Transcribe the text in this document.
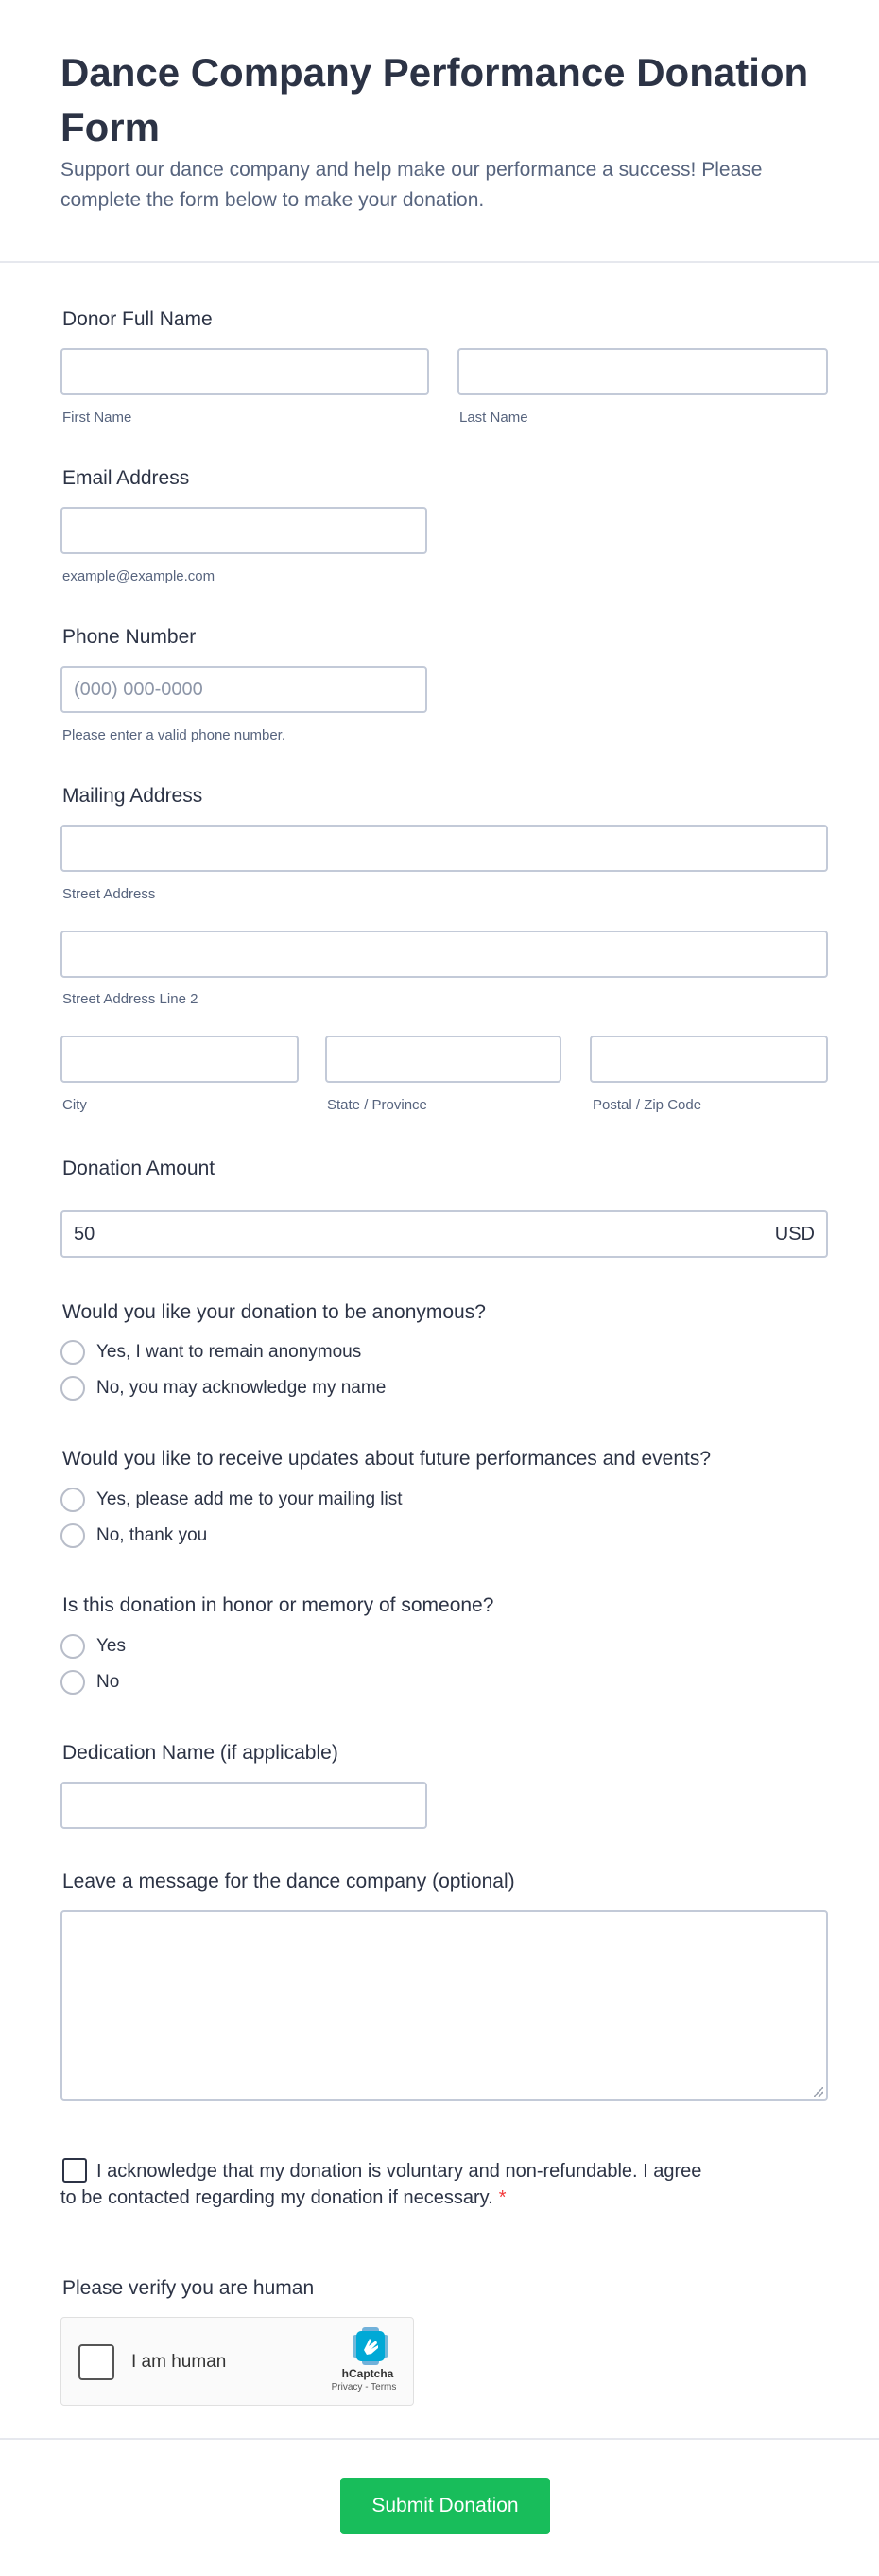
Dance Company Performance Donation Form

Support our dance company and help make our performance a success! Please complete the form below to make your donation.

Donor Full Name
First Name	Last Name
Email Address
example@example.com
Phone Number
(000) 000-0000
Please enter a valid phone number.
Mailing Address
Street Address
Street Address Line 2
City	State / Province	Postal / Zip Code
Donation Amount
50	USD
Would you like your donation to be anonymous?
Yes, I want to remain anonymous
No, you may acknowledge my name
Would you like to receive updates about future performances and events?
Yes, please add me to your mailing list
No, thank you
Is this donation in honor or memory of someone?
Yes
No
Dedication Name (if applicable)
Leave a message for the dance company (optional)
I acknowledge that my donation is voluntary and non-refundable. I agree to be contacted regarding my donation if necessary. *
Please verify you are human
I am human
hCaptcha
Privacy - Terms
Submit Donation
